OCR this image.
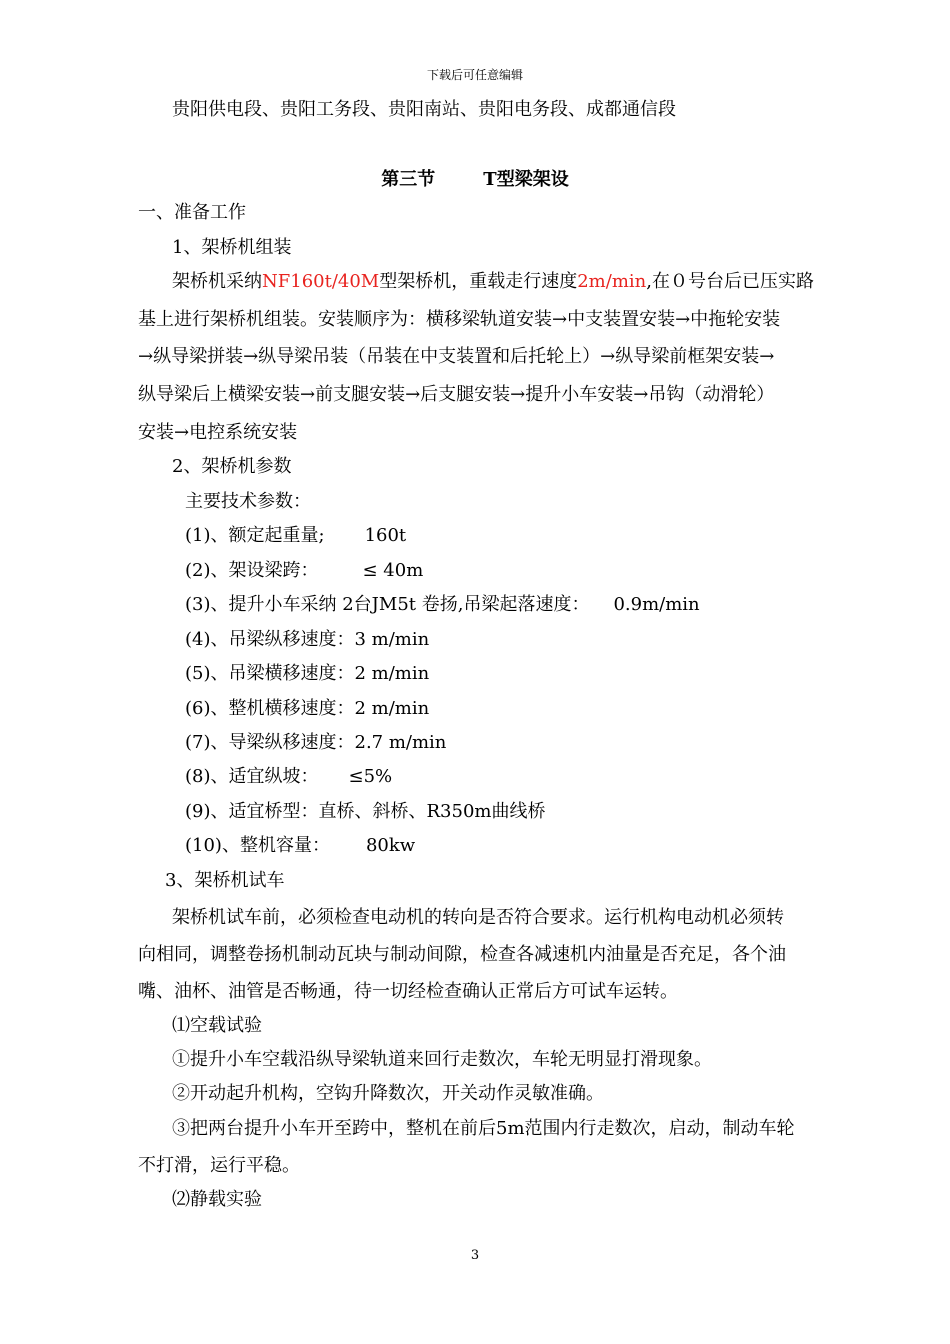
下载后可任意编辑
贵阳供电段、贵阳工务段、贵阳南站、贵阳电务段、成都通信段
第三节	T型梁架设
一、准备工作
1、架桥机组装
架桥机采纳NF160t/40M型架桥机，重载走行速度2m/min,在０号台后已压实路
基上进行架桥机组装。安装顺序为：横移梁轨道安装→中支装置安装→中拖轮安装
→纵导梁拼装→纵导梁吊装（吊装在中支装置和后托轮上）→纵导梁前框架安装→
纵导梁后上横梁安装→前支腿安装→后支腿安装→提升小车安装→吊钩（动滑轮）
安装→电控系统安装
2、架桥机参数
主要技术参数：
(1)、额定起重量; 160t
(2)、架设梁跨： ≤ 40m
(3)、提升小车采纳 2台JM5t 卷扬,吊梁起落速度： 0.9m/min
(4)、吊梁纵移速度：3 m/min
(5)、吊梁横移速度：2 m/min
(6)、整机横移速度：2 m/min
(7)、导梁纵移速度：2.7 m/min
(8)、适宜纵坡： ≤5%
(9)、适宜桥型：直桥、斜桥、R350m曲线桥
(10)、整机容量： 80kw
3、架桥机试车
架桥机试车前，必须检查电动机的转向是否符合要求。运行机构电动机必须转
向相同，调整卷扬机制动瓦块与制动间隙，检查各减速机内油量是否充足，各个油
嘴、油杯、油管是否畅通，待一切经检查确认正常后方可试车运转。
⑴空载试验
①提升小车空载沿纵导梁轨道来回行走数次，车轮无明显打滑现象。
②开动起升机构，空钩升降数次，开关动作灵敏准确。
③把两台提升小车开至跨中，整机在前后5m范围内行走数次，启动，制动车轮
不打滑，运行平稳。
⑵静载实验
3
